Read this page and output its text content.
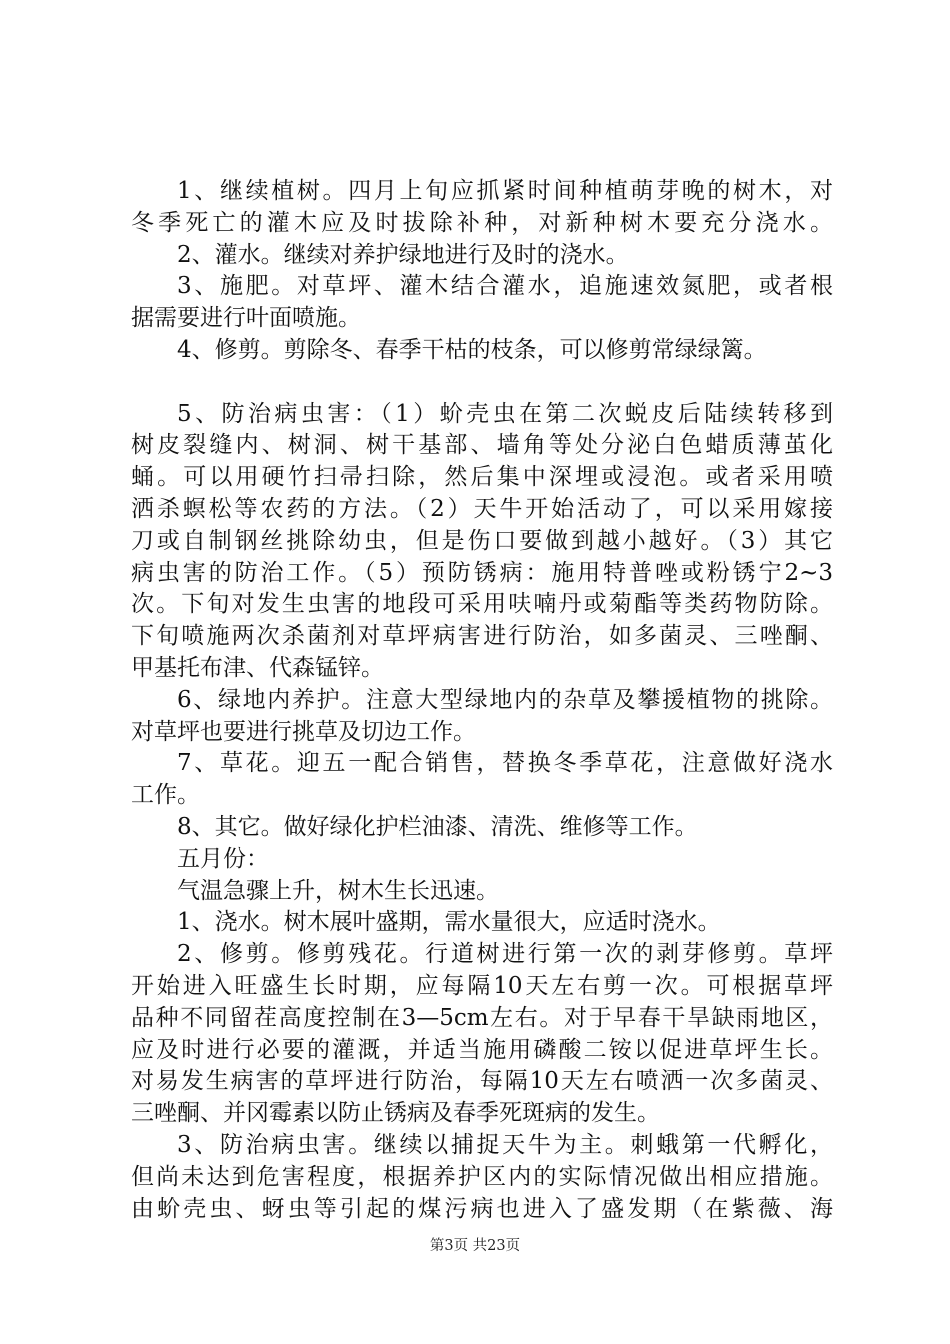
1、继续植树。四月上旬应抓紧时间种植萌芽晚的树木，对
冬季死亡的灌木应及时拔除补种，对新种树木要充分浇水。
2、灌水。继续对养护绿地进行及时的浇水。
3、施肥。对草坪、灌木结合灌水，追施速效氮肥，或者根
据需要进行叶面喷施。
4、修剪。剪除冬、春季干枯的枝条，可以修剪常绿绿篱。
5、防治病虫害：（1）蚧壳虫在第二次蜕皮后陆续转移到
树皮裂缝内、树洞、树干基部、墙角等处分泌白色蜡质薄茧化
蛹。可以用硬竹扫帚扫除，然后集中深埋或浸泡。或者采用喷
洒杀螟松等农药的方法。（2）天牛开始活动了，可以采用嫁接
刀或自制钢丝挑除幼虫，但是伤口要做到越小越好。（3）其它
病虫害的防治工作。（5）预防锈病：施用特普唑或粉锈宁2~3
次。下旬对发生虫害的地段可采用呋喃丹或菊酯等类药物防除。
下旬喷施两次杀菌剂对草坪病害进行防治，如多菌灵、三唑酮、
甲基托布津、代森锰锌。
6、绿地内养护。注意大型绿地内的杂草及攀援植物的挑除。
对草坪也要进行挑草及切边工作。
7、草花。迎五一配合销售，替换冬季草花，注意做好浇水
工作。
8、其它。做好绿化护栏油漆、清洗、维修等工作。
五月份：
气温急骤上升，树木生长迅速。
1、浇水。树木展叶盛期，需水量很大，应适时浇水。
2、修剪。修剪残花。行道树进行第一次的剥芽修剪。草坪
开始进入旺盛生长时期，应每隔10天左右剪一次。可根据草坪
品种不同留茬高度控制在3—5cm左右。对于早春干旱缺雨地区，
应及时进行必要的灌溉，并适当施用磷酸二铵以促进草坪生长。
对易发生病害的草坪进行防治，每隔10天左右喷洒一次多菌灵、
三唑酮、并冈霉素以防止锈病及春季死斑病的发生。
3、防治病虫害。继续以捕捉天牛为主。刺蛾第一代孵化，
但尚未达到危害程度，根据养护区内的实际情况做出相应措施。
由蚧壳虫、蚜虫等引起的煤污病也进入了盛发期（在紫薇、海
第3页 共23页
